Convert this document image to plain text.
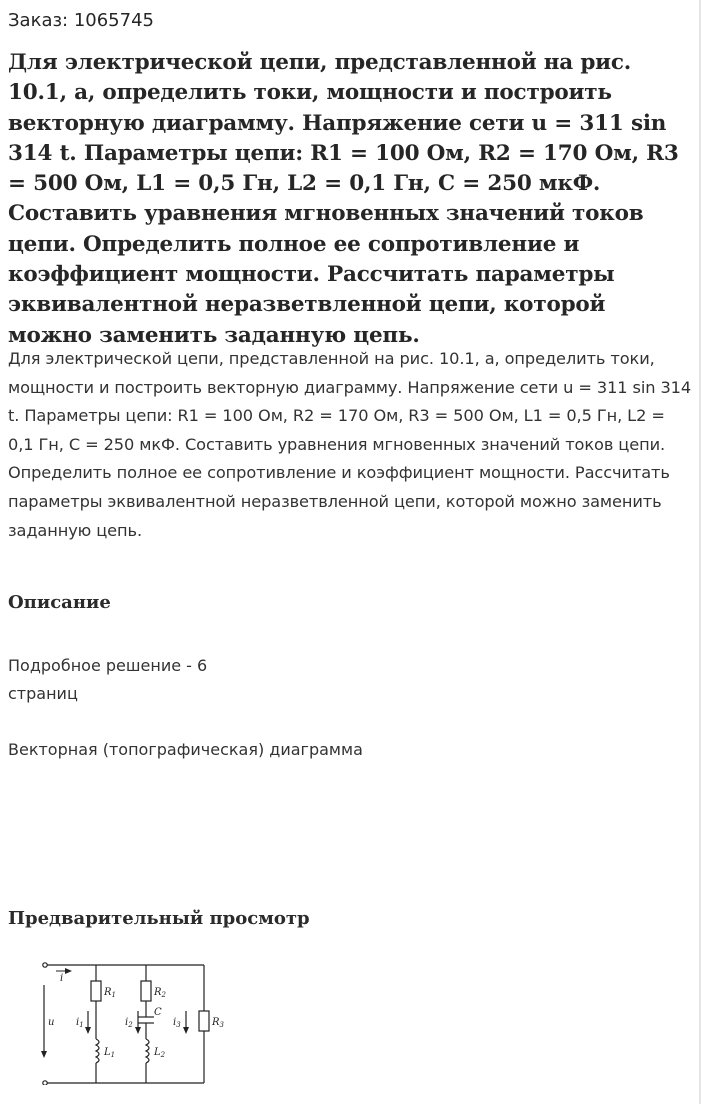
Заказ: 1065745
Для электрической цепи, представленной на рис. 10.1, а, определить токи, мощности и построить векторную диаграмму. Напряжение сети u = 311 sin 314 t. Параметры цепи: R1 = 100 Ом, R2 = 170 Ом, R3 = 500 Ом, L1 = 0,5 Гн, L2 = 0,1 Гн, C = 250 мкФ. Составить уравнения мгновенных значений токов цепи. Определить полное ее сопротивление и коэффициент мощности. Рассчитать параметры эквивалентной неразветвленной цепи, которой можно заменить заданную цепь.
Для электрической цепи, представленной на рис. 10.1, а, определить токи, мощности и построить векторную диаграмму. Напряжение сети u = 311 sin 314 t. Параметры цепи: R1 = 100 Ом, R2 = 170 Ом, R3 = 500 Ом, L1 = 0,5 Гн, L2 = 0,1 Гн, С = 250 мкФ. Составить уравнения мгновенных значений токов цепи. Определить полное ее сопротивление и коэффициент мощности. Рассчитать параметры эквивалентной неразветвленной цепи, которой можно заменить заданную цепь.
Описание
Подробное решение - 6
страниц
Векторная (топографическая) диаграмма
Предварительный просмотр
i
u
$R_1$	$R_2$
$R_3$
C
$i_1$	$i_2$	$i_3$
$L_1$	$L_2$
